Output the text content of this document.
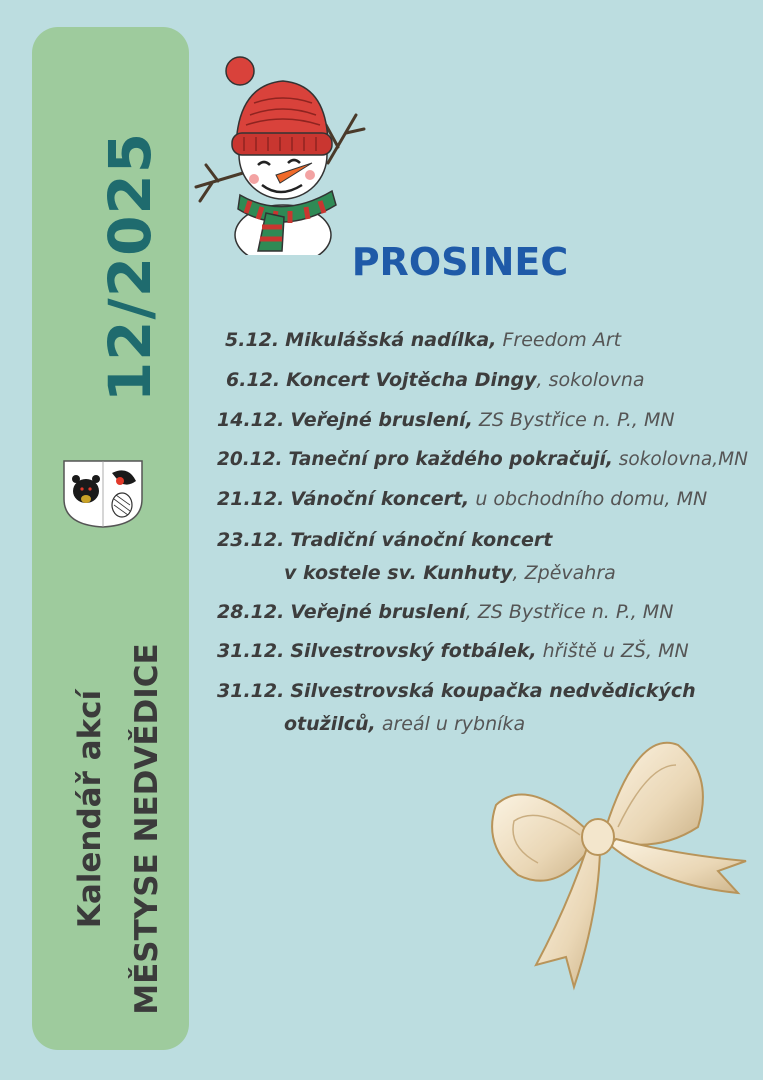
12/2025
Kalendář akcí MĚSTYSE NEDVĚDICE
PROSINEC
5.12. Mikulášská nadílka, Freedom Art
6.12. Koncert Vojtěcha Dingy, sokolovna
14.12. Veřejné bruslení, ZS Bystřice n. P., MN
20.12. Taneční pro každého pokračují, sokolovna,MN
21.12. Vánoční koncert, u obchodního domu, MN
23.12. Tradiční vánoční koncert
v kostele sv. Kunhuty, Zpěvahra
28.12. Veřejné bruslení, ZS Bystřice n. P., MN
31.12. Silvestrovský fotbálek, hřiště u ZŠ, MN
31.12. Silvestrovská koupačka nedvědických
otužilců, areál u rybníka
